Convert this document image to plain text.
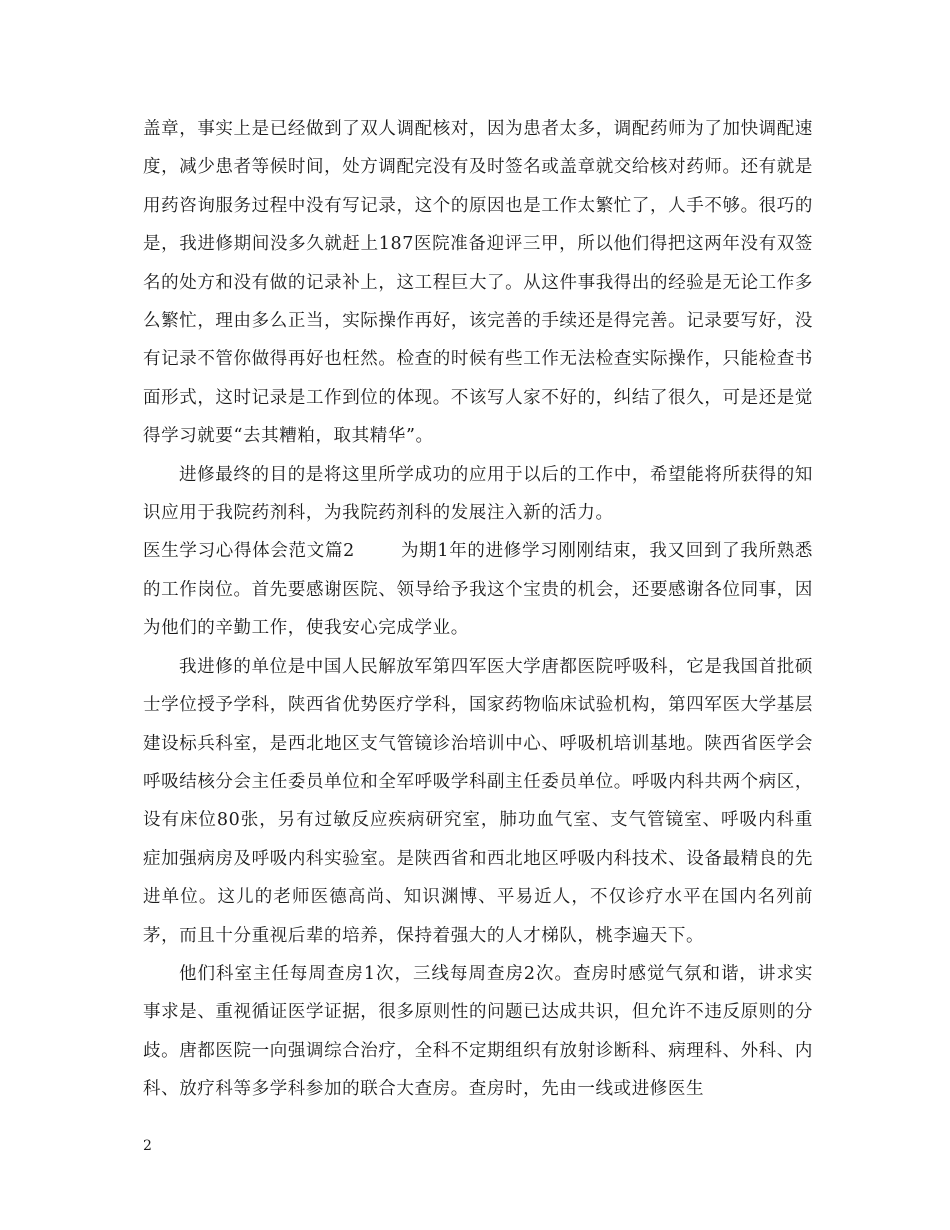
盖章，事实上是已经做到了双人调配核对，因为患者太多，调配药师为了加快调配速度，减少患者等候时间，处方调配完没有及时签名或盖章就交给核对药师。还有就是用药咨询服务过程中没有写记录，这个的原因也是工作太繁忙了，人手不够。很巧的是，我进修期间没多久就赶上187医院准备迎评三甲，所以他们得把这两年没有双签名的处方和没有做的记录补上，这工程巨大了。从这件事我得出的经验是无论工作多么繁忙，理由多么正当，实际操作再好，该完善的手续还是得完善。记录要写好，没有记录不管你做得再好也枉然。检查的时候有些工作无法检查实际操作，只能检查书面形式，这时记录是工作到位的体现。不该写人家不好的，纠结了很久，可是还是觉得学习就要“去其糟粕，取其精华”。

进修最终的目的是将这里所学成功的应用于以后的工作中，希望能将所获得的知识应用于我院药剂科，为我院药剂科的发展注入新的活力。

医生学习心得体会范文篇2	为期1年的进修学习刚刚结束，我又回到了我所熟悉的工作岗位。首先要感谢医院、领导给予我这个宝贵的机会，还要感谢各位同事，因为他们的辛勤工作，使我安心完成学业。

我进修的单位是中国人民解放军第四军医大学唐都医院呼吸科，它是我国首批硕士学位授予学科，陕西省优势医疗学科，国家药物临床试验机构，第四军医大学基层建设标兵科室，是西北地区支气管镜诊治培训中心、呼吸机培训基地。陕西省医学会呼吸结核分会主任委员单位和全军呼吸学科副主任委员单位。呼吸内科共两个病区，设有床位80张，另有过敏反应疾病研究室，肺功血气室、支气管镜室、呼吸内科重症加强病房及呼吸内科实验室。是陕西省和西北地区呼吸内科技术、设备最精良的先进单位。这儿的老师医德高尚、知识渊博、平易近人，不仅诊疗水平在国内名列前茅，而且十分重视后辈的培养，保持着强大的人才梯队，桃李遍天下。

他们科室主任每周查房1次，三线每周查房2次。查房时感觉气氛和谐，讲求实事求是、重视循证医学证据，很多原则性的问题已达成共识，但允许不违反原则的分歧。唐都医院一向强调综合治疗，全科不定期组织有放射诊断科、病理科、外科、内科、放疗科等多学科参加的联合大查房。查房时，先由一线或进修医生

2
